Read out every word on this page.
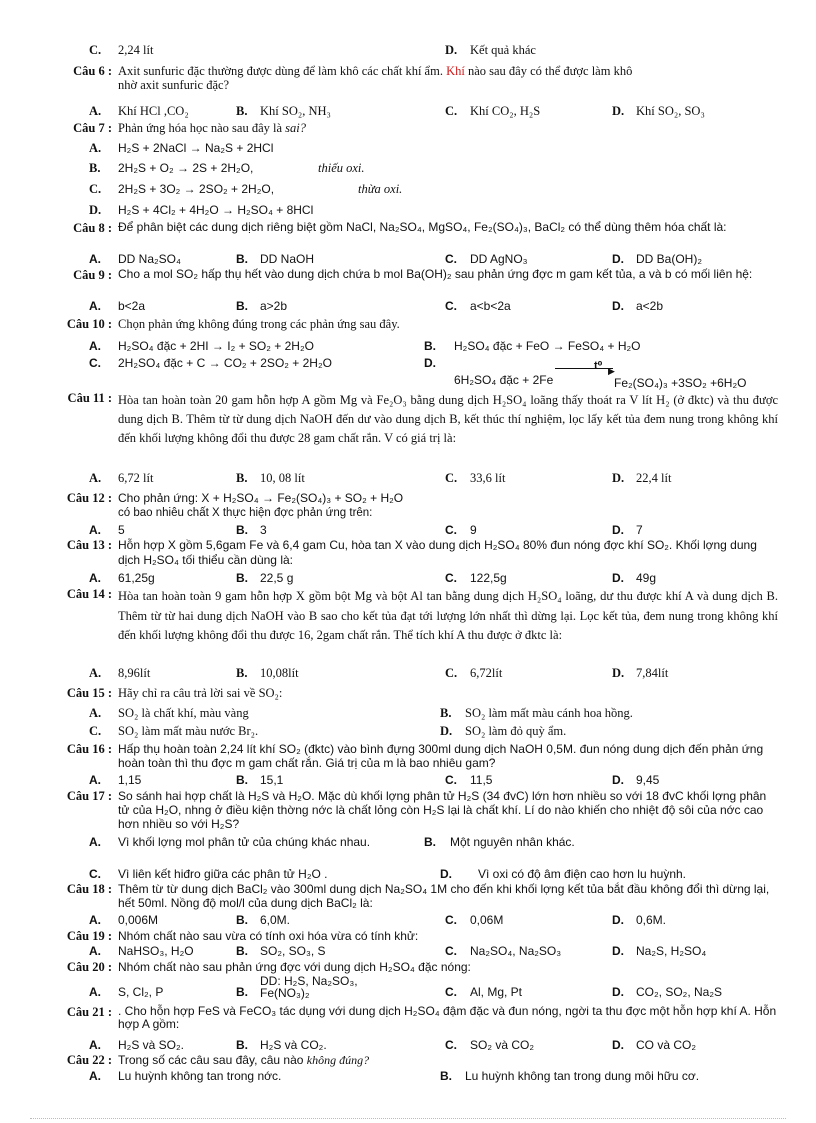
C. 2,24 lít	D. Kết quả khác
Câu 6 : Axit sunfuric đặc thường được dùng để làm khô các chất khí ẩm. Khí nào sau đây có thể được làm khô
nhờ axit sunfuric đặc?
A. Khí HCl ,CO₂	B. Khí SO₂, NH₃	C. Khí CO₂, H₂S	D. Khí SO₂, SO₃
Câu 7 : Phản ứng hóa học nào sau đây là sai?
A. H₂S + 2NaCl → Na₂S + 2HCl
B. 2H₂S + O₂ → 2S + 2H₂O,	thiếu oxi.
C. 2H₂S + 3O₂ → 2SO₂ + 2H₂O,	thừa oxi.
D. H₂S + 4Cl₂ + 4H₂O → H₂SO₄ + 8HCl
Câu 8 : Để phân biệt các dung dịch riêng biệt gồm NaCl, Na₂SO₄, MgSO₄, Fe₂(SO₄)₃, BaCl₂ có thể dùng thêm hóa chất là:
A. DD Na₂SO₄	B. DD NaOH	C. DD AgNO₃	D. DD Ba(OH)₂
Câu 9 : Cho a mol SO₂ hấp thụ hết vào dung dịch chứa b mol Ba(OH)₂ sau phản ứng đợc m gam kết tủa, a và b có mối liên hệ:
A. b<2a	B. a>2b	C. a<b<2a	D. a<2b
Câu 10 : Chọn phản ứng không đúng trong các phản ứng sau đây.
A. H₂SO₄ đặc + 2HI → I₂ + SO₂ + 2H₂O	B. H₂SO₄ đặc + FeO → FeSO₄ + H₂O
C. 2H₂SO₄ đặc + C → CO₂ + 2SO₂ + 2H₂O	D.
6H₂SO₄ đặc + 2Fe
t⁰ ▶
Fe₂(SO₄)₃ +3SO₂ +6H₂O
Câu 11 : Hòa tan hoàn toàn 20 gam hỗn hợp A gồm Mg và Fe₂O₃ bằng dung dịch H₂SO₄ loãng thấy thoát ra V lít H₂ (ở đktc) và thu được dung dịch B. Thêm từ từ dung dịch NaOH đến dư vào dung dịch B, kết thúc thí nghiệm, lọc lấy kết tủa đem nung trong không khí đến khối lượng không đổi thu được 28 gam chất rắn. V có giá trị là:
A. 6,72 lít	B. 10, 08 lít	C. 33,6 lít	D. 22,4 lít
Câu 12 : Cho phản ứng: X + H₂SO₄ → Fe₂(SO₄)₃ + SO₂ + H₂O
có bao nhiêu chất X thực hiện đợc phản ứng trên:
A. 5	B. 3	C. 9	D. 7
Câu 13 : Hỗn hợp X gồm 5,6gam Fe và 6,4 gam Cu, hòa tan X vào dung dịch H₂SO₄ 80% đun nóng đợc khí SO₂. Khối lợng dung dịch H₂SO₄ tối thiểu cần dùng là:
A. 61,25g	B. 22,5 g	C. 122,5g	D. 49g
Câu 14 : Hòa tan hoàn toàn 9 gam hỗn hợp X gồm bột Mg và bột Al tan bằng dung dịch H₂SO₄ loãng, dư thu được khí A và dung dịch B. Thêm từ từ hai dung dịch NaOH vào B sao cho kết tủa đạt tới lượng lớn nhất thì dừng lại. Lọc kết tủa, đem nung trong không khí đến khối lượng không đổi thu được 16, 2gam chất rắn. Thể tích khí A thu được ở đktc là:
A. 8,96lít	B. 10,08lít	C. 6,72lít	D. 7,84lít
Câu 15 : Hãy chỉ ra câu trả lời sai về SO₂:
A. SO₂ là chất khí, màu vàng	B. SO₂ làm mất màu cánh hoa hồng.
C. SO₂ làm mất màu nước Br₂.	D. SO₂ làm đỏ quỳ ẩm.
Câu 16 : Hấp thụ hoàn toàn 2,24 lít khí SO₂ (đktc) vào bình đựng 300ml dung dịch NaOH 0,5M. đun nóng dung dịch đến phản ứng hoàn toàn thì thu đợc m gam chất rắn. Giá trị của m là bao nhiêu gam?
A. 1,15	B. 15,1	C. 11,5	D. 9,45
Câu 17 : So sánh hai hợp chất là H₂S và H₂O. Mặc dù khối lợng phân tử H₂S (34 đvC) lớn hơn nhiều so với 18 đvC khối lợng phân tử của H₂O, nhng ở điều kiện thờng nớc là chất lỏng còn H₂S lại là chất khí. Lí do nào khiến cho nhiệt độ sôi của nớc cao hơn nhiều so với H₂S?
A. Vì khối lợng mol phân tử của chúng khác nhau.	B. Một nguyên nhân khác.
C. Vì liên kết hiđro giữa các phân tử H₂O .	D. Vì oxi có độ âm điện cao hơn lu huỳnh.
Câu 18 : Thêm từ từ dung dịch BaCl₂ vào 300ml dung dịch Na₂SO₄ 1M cho đến khi khối lợng kết tủa bắt đầu không đổi thì dừng lại, hết 50ml. Nồng độ mol/l của dung dịch BaCl₂ là:
A. 0,006M	B. 6,0M.	C. 0,06M	D. 0,6M.
Câu 19 : Nhóm chất nào sau vừa có tính oxi hóa vừa có tính khử:
A. NaHSO₃, H₂O	B. SO₂, SO₃, S	C. Na₂SO₄, Na₂SO₃	D. Na₂S, H₂SO₄
Câu 20 : Nhóm chất nào sau phản ứng đợc với dung dịch H₂SO₄ đặc nóng:
A. S, Cl₂, P	B.
DD: H₂S, Na₂SO₃,
Fe(NO₃)₂	C. Al, Mg, Pt	D. CO₂, SO₂, Na₂S
Câu 21 : . Cho hỗn hợp FeS và FeCO₃ tác dụng với dung dịch H₂SO₄ đậm đặc và đun nóng, ngời ta thu đợc một hỗn hợp khí A. Hỗn hợp A gồm:
A. H₂S và SO₂.	B. H₂S và CO₂.	C. SO₂ và CO₂	D. CO và CO₂
Câu 22 : Trong số các câu sau đây, câu nào không đúng?
A. Lu huỳnh không tan trong nớc.	B. Lu huỳnh không tan trong dung môi hữu cơ.
